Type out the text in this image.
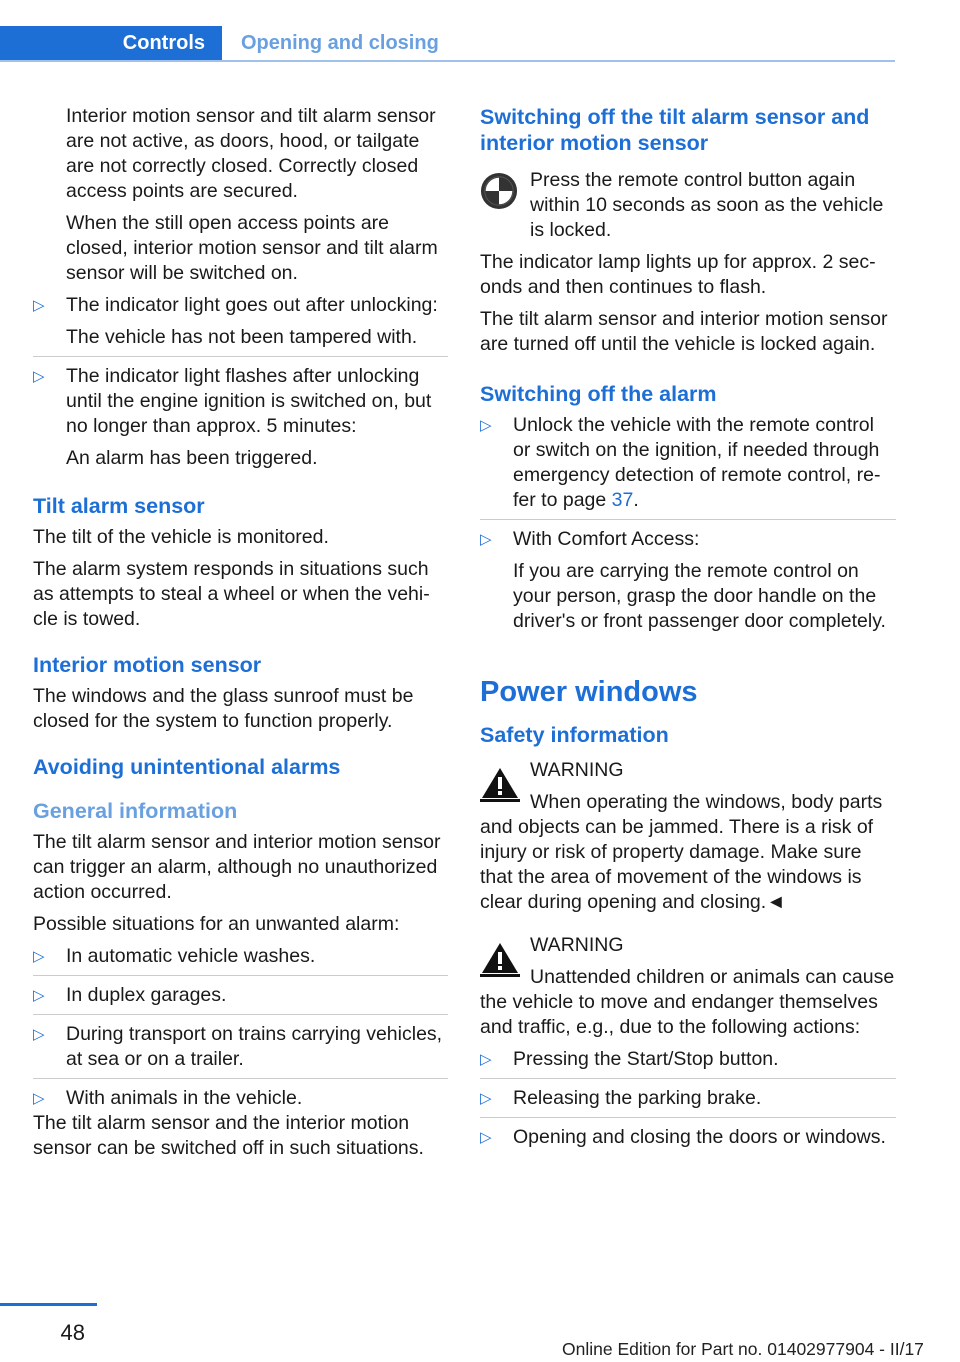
Controls Opening and closing

Interior motion sensor and tilt alarm sensor are not active, as doors, hood, or tailgate are not correctly closed. Correctly closed access points are secured.

When the still open access points are closed, interior motion sensor and tilt alarm sensor will be switched on.

▷ The indicator light goes out after unlocking:
The vehicle has not been tampered with.
▷ The indicator light flashes after unlocking until the engine ignition is switched on, but no longer than approx. 5 minutes:
An alarm has been triggered.
Tilt alarm sensor

The tilt of the vehicle is monitored.

The alarm system responds in situations such as attempts to steal a wheel or when the vehicle is towed.

Interior motion sensor

The windows and the glass sunroof must be closed for the system to function properly.

Avoiding unintentional alarms
General information

The tilt alarm sensor and interior motion sensor can trigger an alarm, although no unauthorized action occurred.

Possible situations for an unwanted alarm:

▷ In automatic vehicle washes.
▷ In duplex garages.
▷ During transport on trains carrying vehicles, at sea or on a trailer.
▷ With animals in the vehicle.

The tilt alarm sensor and the interior motion sensor can be switched off in such situations.

Switching off the tilt alarm sensor and interior motion sensor

Press the remote control button again within 10 seconds as soon as the vehicle is locked.

The indicator lamp lights up for approx. 2 seconds and then continues to flash.

The tilt alarm sensor and interior motion sensor are turned off until the vehicle is locked again.

Switching off the alarm
▷ Unlock the vehicle with the remote control or switch on the ignition, if needed through emergency detection of remote control, refer to page 37.
▷ With Comfort Access:
If you are carrying the remote control on your person, grasp the door handle on the driver's or front passenger door completely.
Power windows
Safety information
WARNING
When operating the windows, body parts and objects can be jammed. There is a risk of injury or risk of property damage. Make sure that the area of movement of the windows is clear during opening and closing.◄
WARNING
Unattended children or animals can cause the vehicle to move and endanger themselves and traffic, e.g., due to the following actions:
▷ Pressing the Start/Stop button.
▷ Releasing the parking brake.
▷ Opening and closing the doors or windows.
48
Online Edition for Part no. 01402977904 - II/17
